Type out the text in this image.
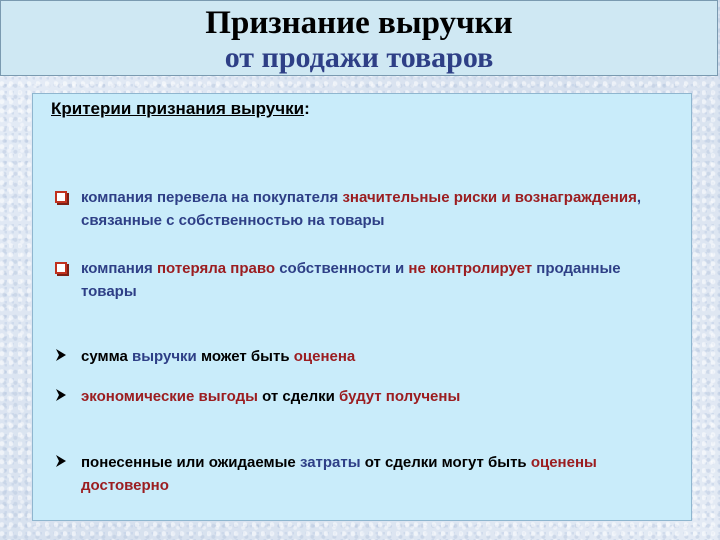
Признание выручки
от продажи товаров
Критерии признания выручки:
компания перевела на покупателя значительные риски и вознаграждения, связанные с собственностью на товары
компания потеряла право собственности и не контролирует проданные товары
сумма выручки может быть оценена
экономические выгоды от сделки будут получены
понесенные или ожидаемые затраты от сделки могут быть оценены достоверно
